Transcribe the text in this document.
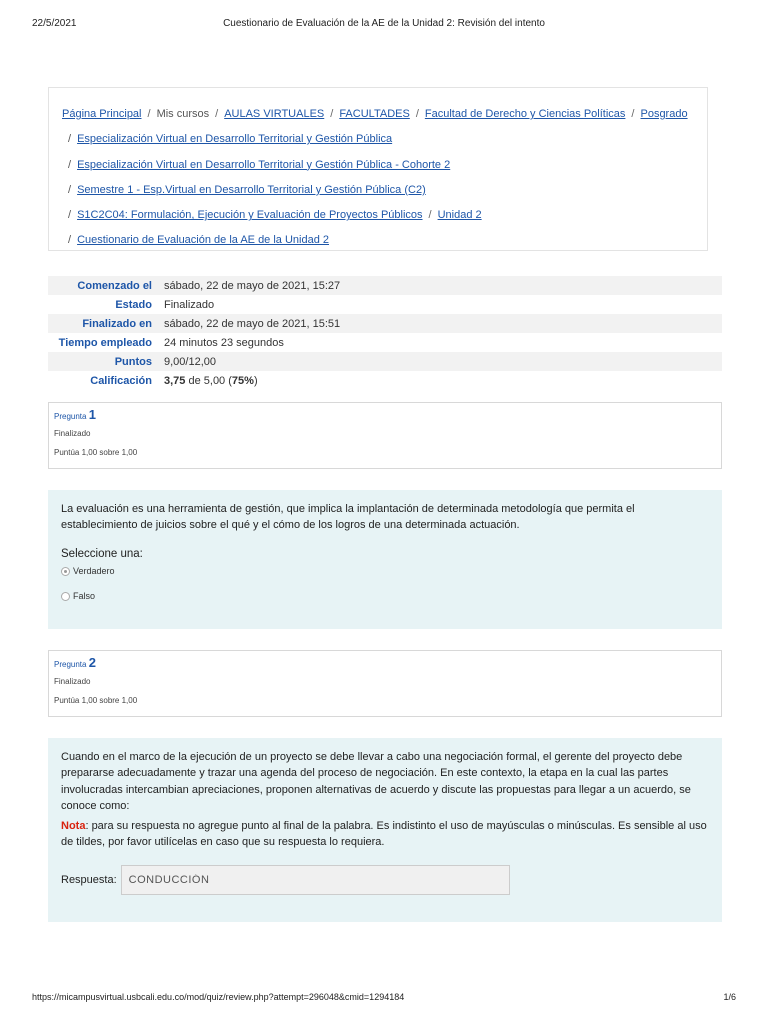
22/5/2021	Cuestionario de Evaluación de la AE de la Unidad 2: Revisión del intento
Página Principal / Mis cursos / AULAS VIRTUALES / FACULTADES / Facultad de Derecho y Ciencias Políticas / Posgrado
/ Especialización Virtual en Desarrollo Territorial y Gestión Pública
/ Especialización Virtual en Desarrollo Territorial y Gestión Pública - Cohorte 2
/ Semestre 1 - Esp.Virtual en Desarrollo Territorial y Gestión Pública (C2)
/ S1C2C04: Formulación, Ejecución y Evaluación de Proyectos Públicos / Unidad 2
/ Cuestionario de Evaluación de la AE de la Unidad 2
Comenzado el	sábado, 22 de mayo de 2021, 15:27
Estado	Finalizado
Finalizado en	sábado, 22 de mayo de 2021, 15:51
Tiempo empleado	24 minutos 23 segundos
Puntos	9,00/12,00
Calificación	3,75 de 5,00 (75%)
Pregunta 1
Finalizado
Puntúa 1,00 sobre 1,00
La evaluación es una herramienta de gestión, que implica la implantación de determinada metodología que permita el establecimiento de juicios sobre el qué y el cómo de los logros de una determinada actuación.
Seleccione una:
Verdadero
Falso
Pregunta 2
Finalizado
Puntúa 1,00 sobre 1,00
Cuando en el marco de la ejecución de un proyecto se debe llevar a cabo una negociación formal, el gerente del proyecto debe prepararse adecuadamente y trazar una agenda del proceso de negociación. En este contexto, la etapa en la cual las partes involucradas intercambian apreciaciones, proponen alternativas de acuerdo y discute las propuestas para llegar a un acuerdo, se conoce como:
Nota: para su respuesta no agregue punto al final de la palabra. Es indistinto el uso de mayúsculas o minúsculas. Es sensible al uso de tildes, por favor utilícelas en caso que su respuesta lo requiera.
Respuesta:
CONDUCCIÓN
https://micampusvirtual.usbcali.edu.co/mod/quiz/review.php?attempt=296048&cmid=1294184	1/6
